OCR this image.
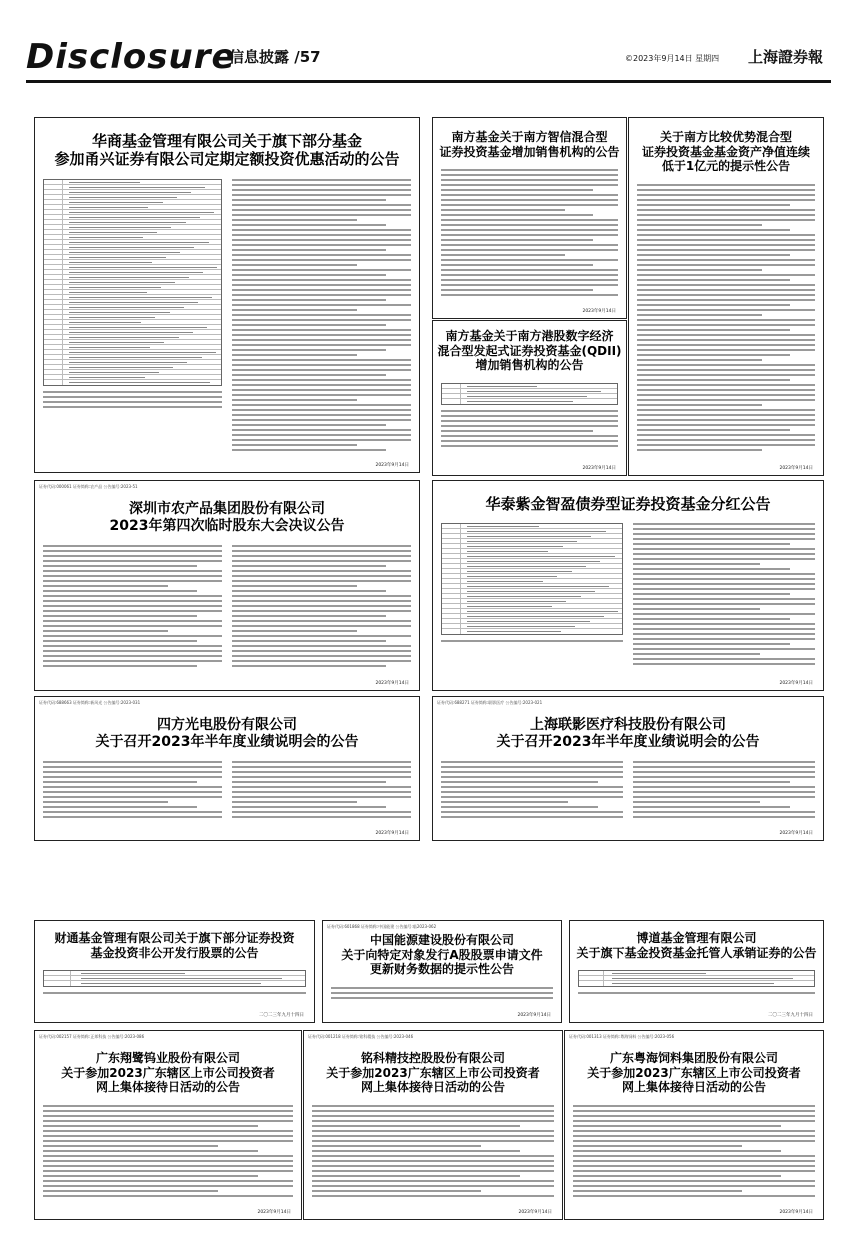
Disclosure
信息披露 /57	©2023年9月14日 星期四 上海證券報
华商基金管理有限公司关于旗下部分基金
参加甬兴证券有限公司定期定额投资优惠活动的公告
2023年9月14日
南方基金关于南方智信混合型
证券投资基金增加销售机构的公告
2023年9月14日
南方基金关于南方港股数字经济
混合型发起式证券投资基金(QDII)
增加销售机构的公告
2023年9月14日
关于南方比较优势混合型
证券投资基金基金资产净值连续
低于1亿元的提示性公告
2023年9月14日
证券代码:000061 证券简称:农产品 公告编号:2023-51
深圳市农产品集团股份有限公司
2023年第四次临时股东大会决议公告
2023年9月14日
华泰紫金智盈债券型证券投资基金分红公告
2023年9月14日
证券代码:688663 证券简称:新风光 公告编号:2023-031
四方光电股份有限公司
关于召开2023年半年度业绩说明会的公告
2023年9月14日
证券代码:688271 证券简称:联影医疗 公告编号:2023-021
上海联影医疗科技股份有限公司
关于召开2023年半年度业绩说明会的公告
2023年9月14日
财通基金管理有限公司关于旗下部分证券投资
基金投资非公开发行股票的公告
二〇二三年九月十四日
证券代码:601868 证券简称:中国能建 公告编号:临2023-062
中国能源建设股份有限公司
关于向特定对象发行A股股票申请文件
更新财务数据的提示性公告
2023年9月14日
博道基金管理有限公司
关于旗下基金投资基金托管人承销证券的公告
二〇二三年九月十四日
证券代码:002157 证券简称:正邦科技 公告编号:2023-086
广东翔鹭钨业股份有限公司
关于参加2023广东辖区上市公司投资者
网上集体接待日活动的公告
2023年9月14日
证券代码:001218 证券简称:铭科精技 公告编号:2023-046
铭科精技控股股份有限公司
关于参加2023广东辖区上市公司投资者
网上集体接待日活动的公告
2023年9月14日
证券代码:001313 证券简称:粤海饲料 公告编号:2023-056
广东粤海饲料集团股份有限公司
关于参加2023广东辖区上市公司投资者
网上集体接待日活动的公告
2023年9月14日
